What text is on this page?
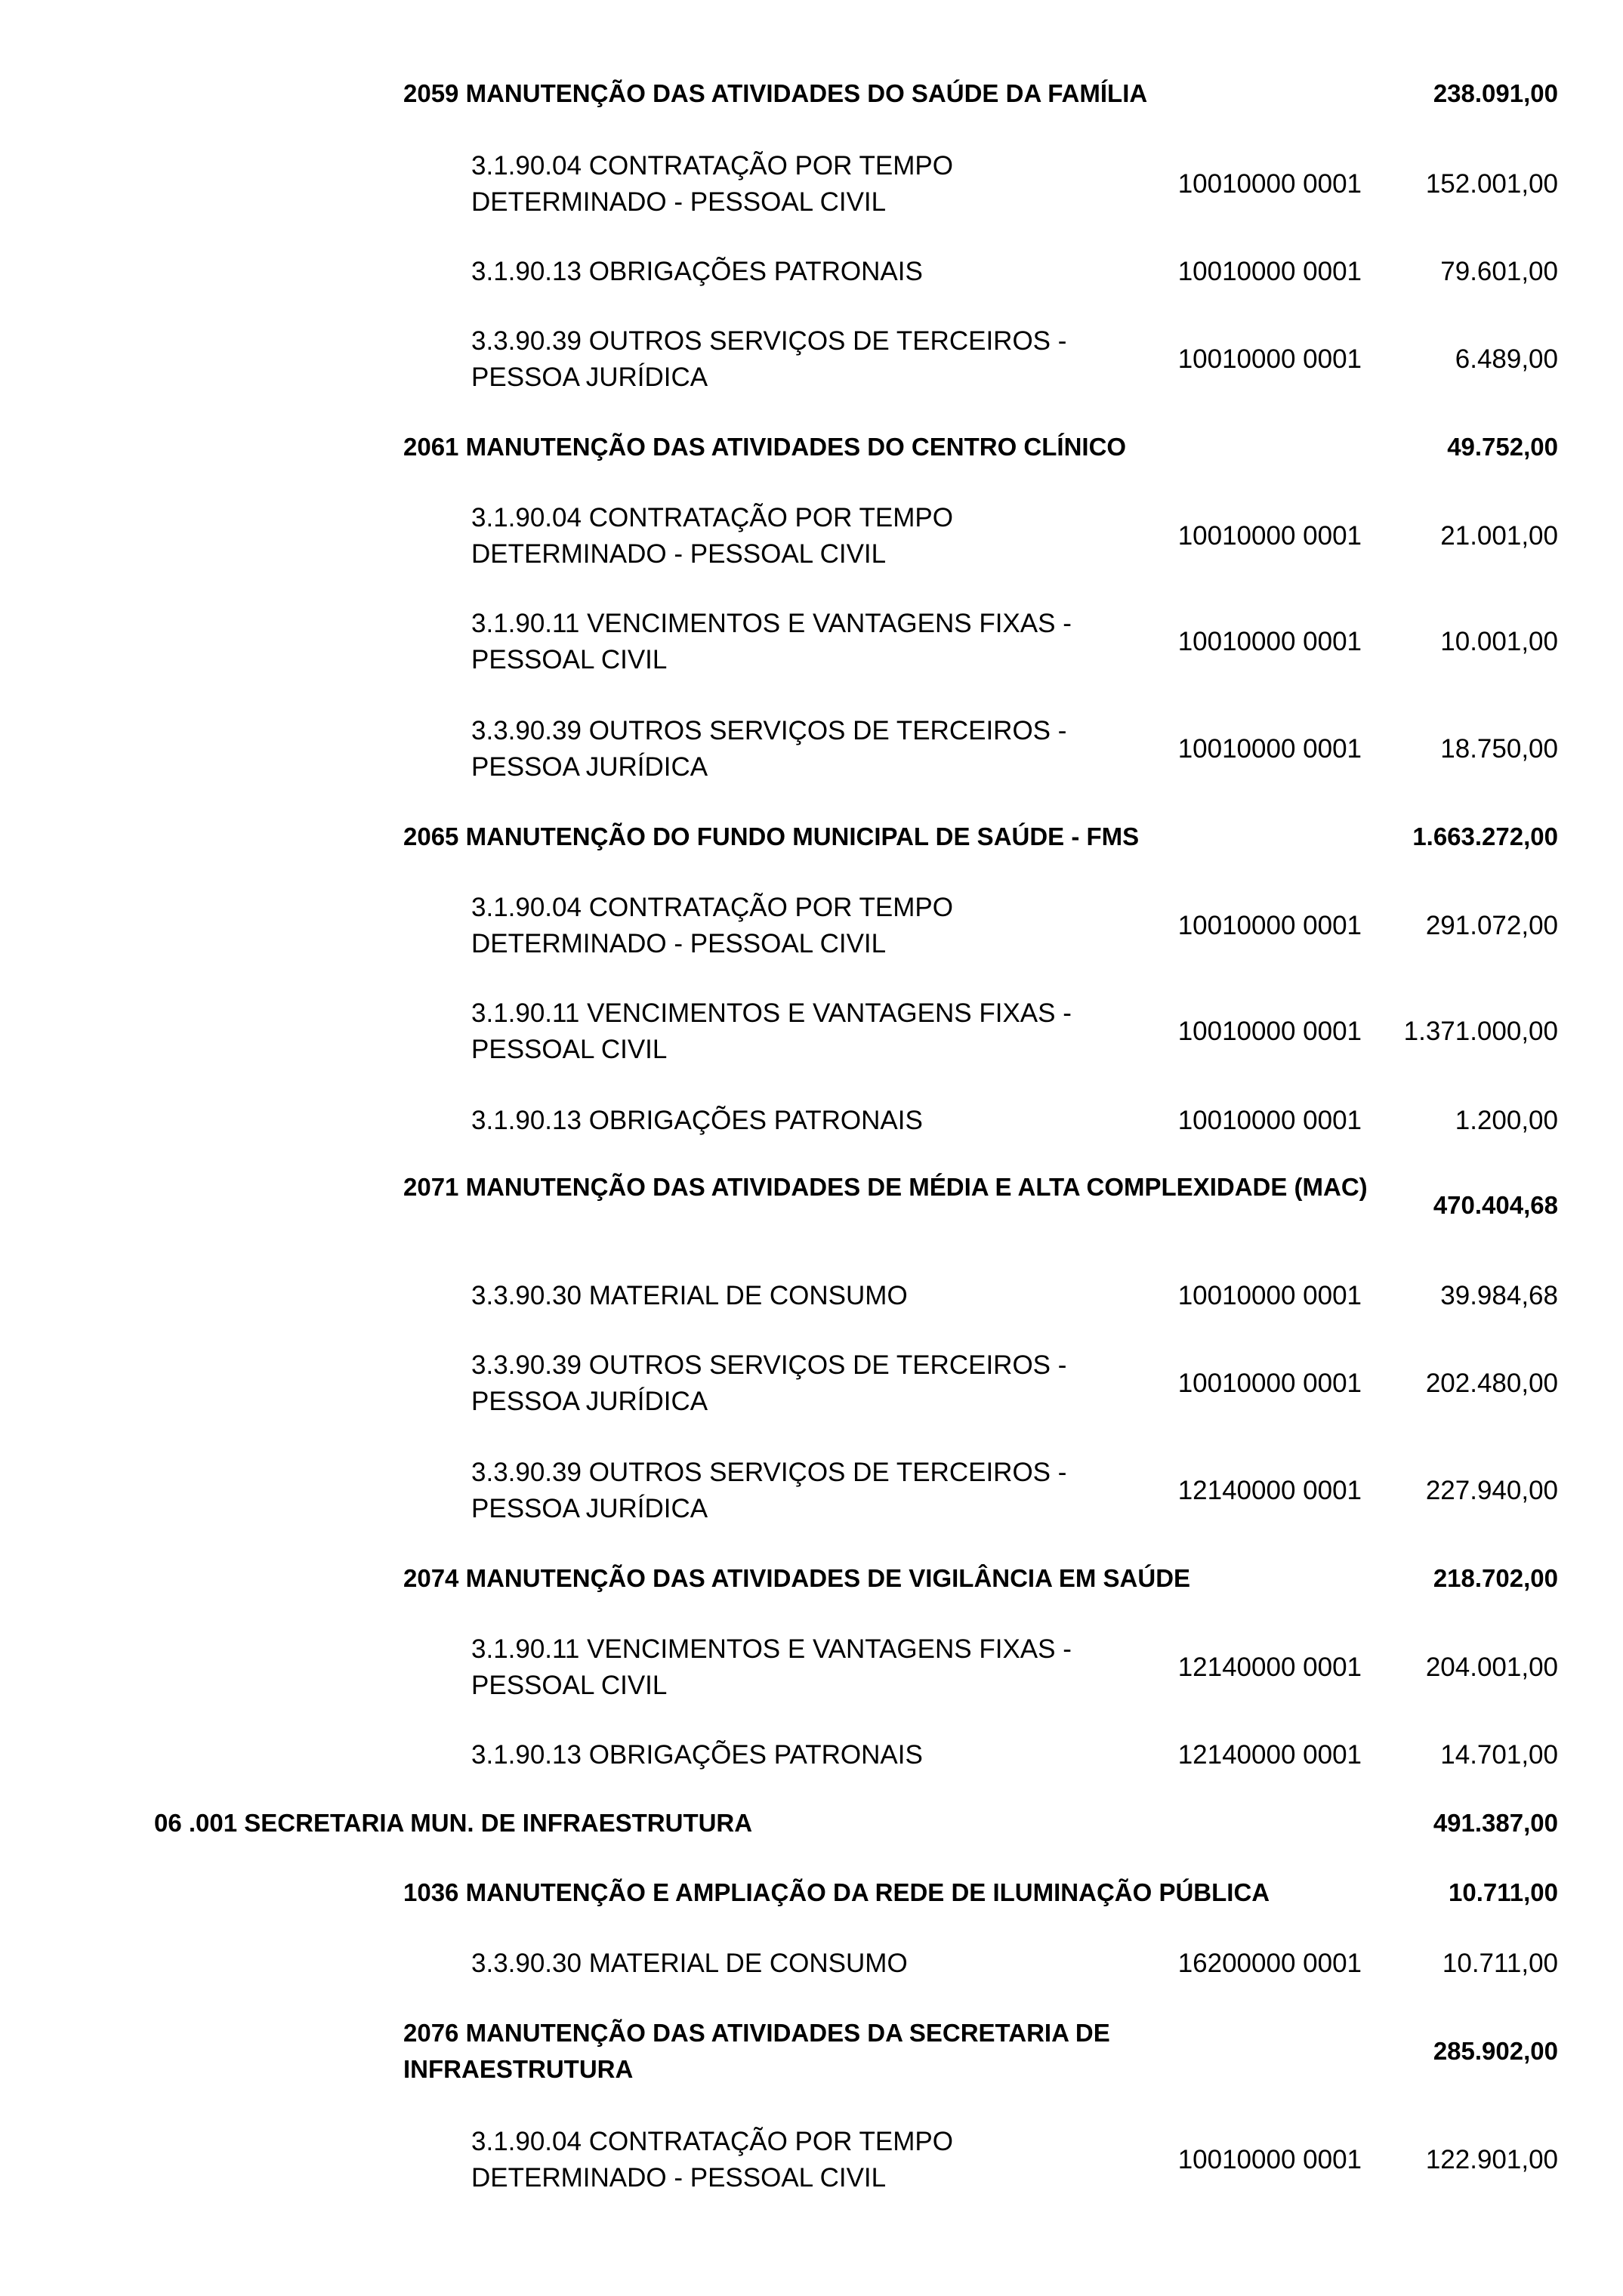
2059 MANUTENÇÃO DAS ATIVIDADES DO SAÚDE DA FAMÍLIA	238.091,00
3.1.90.04 CONTRATAÇÃO POR TEMPO DETERMINADO - PESSOAL CIVIL
10010000 0001 152.001,00
3.1.90.13 OBRIGAÇÕES PATRONAIS	10010000 0001	79.601,00
3.3.90.39 OUTROS SERVIÇOS DE TERCEIROS - PESSOA JURÍDICA
10010000 0001	6.489,00
2061 MANUTENÇÃO DAS ATIVIDADES DO CENTRO CLÍNICO	49.752,00
3.1.90.04 CONTRATAÇÃO POR TEMPO DETERMINADO - PESSOAL CIVIL
10010000 0001	21.001,00
3.1.90.11 VENCIMENTOS E VANTAGENS FIXAS - PESSOAL CIVIL
10010000 0001	10.001,00
3.3.90.39 OUTROS SERVIÇOS DE TERCEIROS - PESSOA JURÍDICA
10010000 0001	18.750,00
2065 MANUTENÇÃO DO FUNDO MUNICIPAL DE SAÚDE - FMS	1.663.272,00
3.1.90.04 CONTRATAÇÃO POR TEMPO DETERMINADO - PESSOAL CIVIL
10010000 0001 291.072,00
3.1.90.11 VENCIMENTOS E VANTAGENS FIXAS - PESSOAL CIVIL
10010000 0001 1.371.000,00
3.1.90.13 OBRIGAÇÕES PATRONAIS	10010000 0001	1.200,00
2071 MANUTENÇÃO DAS ATIVIDADES DE MÉDIA E ALTA COMPLEXIDADE (MAC)
470.404,68
3.3.90.30 MATERIAL DE CONSUMO	10010000 0001	39.984,68
3.3.90.39 OUTROS SERVIÇOS DE TERCEIROS - PESSOA JURÍDICA
10010000 0001 202.480,00
3.3.90.39 OUTROS SERVIÇOS DE TERCEIROS - PESSOA JURÍDICA
12140000 0001 227.940,00
2074 MANUTENÇÃO DAS ATIVIDADES DE VIGILÂNCIA EM SAÚDE	218.702,00
3.1.90.11 VENCIMENTOS E VANTAGENS FIXAS - PESSOAL CIVIL
12140000 0001 204.001,00
3.1.90.13 OBRIGAÇÕES PATRONAIS	12140000 0001	14.701,00
06 .001 SECRETARIA MUN. DE INFRAESTRUTURA	491.387,00
1036 MANUTENÇÃO E AMPLIAÇÃO DA REDE DE ILUMINAÇÃO PÚBLICA	10.711,00
3.3.90.30 MATERIAL DE CONSUMO	16200000 0001	10.711,00
2076 MANUTENÇÃO DAS ATIVIDADES DA SECRETARIA DE INFRAESTRUTURA
285.902,00
3.1.90.04 CONTRATAÇÃO POR TEMPO DETERMINADO - PESSOAL CIVIL
10010000 0001 122.901,00
